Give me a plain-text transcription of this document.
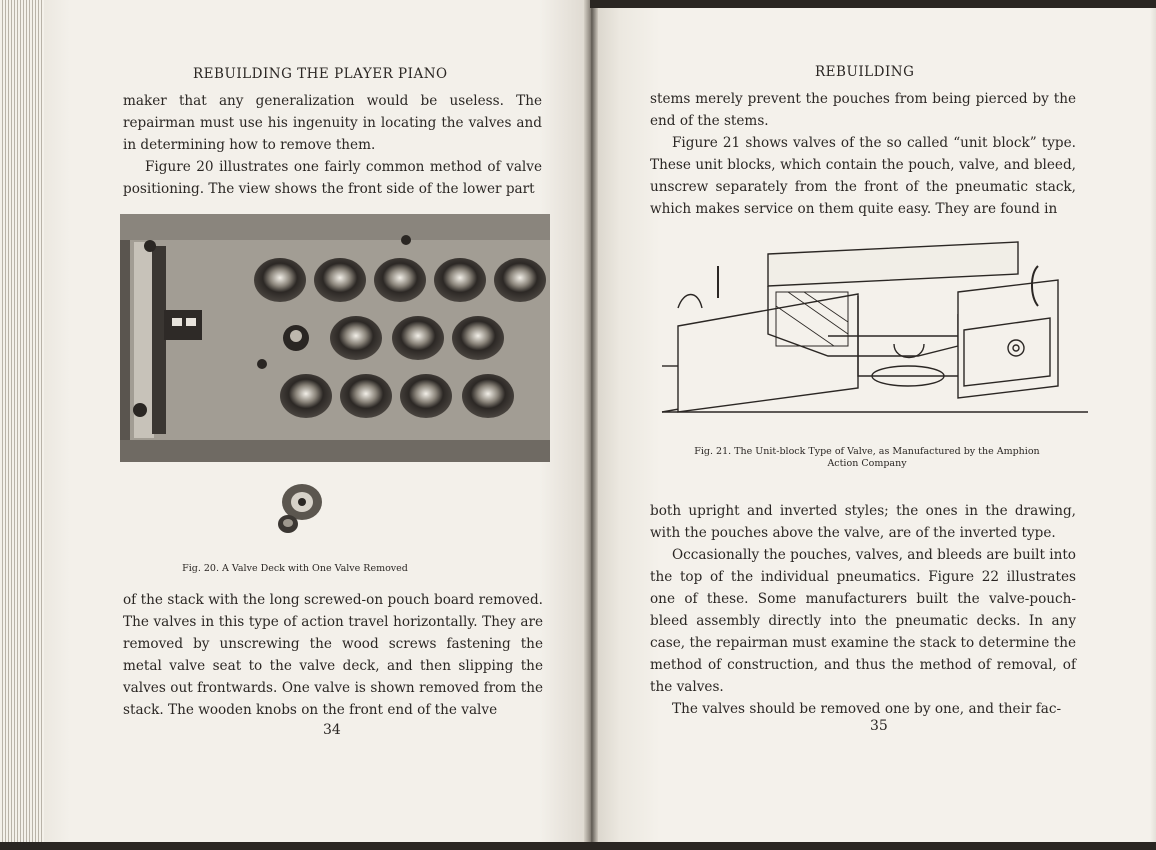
REBUILDING THE PLAYER PIANO

maker that any generalization would be useless. The repairman must use his ingenuity in locating the valves and in determining how to remove them.

Figure 20 illustrates one fairly common method of valve positioning. The view shows the front side of the lower part

Fig. 20. A Valve Deck with One Valve Removed

of the stack with the long screwed-on pouch board removed. The valves in this type of action travel horizontally. They are removed by unscrewing the wood screws fastening the metal valve seat to the valve deck, and then slipping the valves out frontwards. One valve is shown removed from the stack. The wooden knobs on the front end of the valve

34
REBUILDING

stems merely prevent the pouches from being pierced by the end of the stems.

Figure 21 shows valves of the so called “unit block” type. These unit blocks, which contain the pouch, valve, and bleed, unscrew separately from the front of the pneumatic stack, which makes service on them quite easy. They are found in

Fig. 21. The Unit-block Type of Valve, as Manufactured by the Amphion
Action Company

both upright and inverted styles; the ones in the drawing, with the pouches above the valve, are of the inverted type.

Occasionally the pouches, valves, and bleeds are built into the top of the individual pneumatics. Figure 22 illustrates one of these. Some manufacturers built the valve-pouch-bleed assembly directly into the pneumatic decks. In any case, the repairman must examine the stack to determine the method of construction, and thus the method of removal, of the valves.

The valves should be removed one by one, and their fac-

35
